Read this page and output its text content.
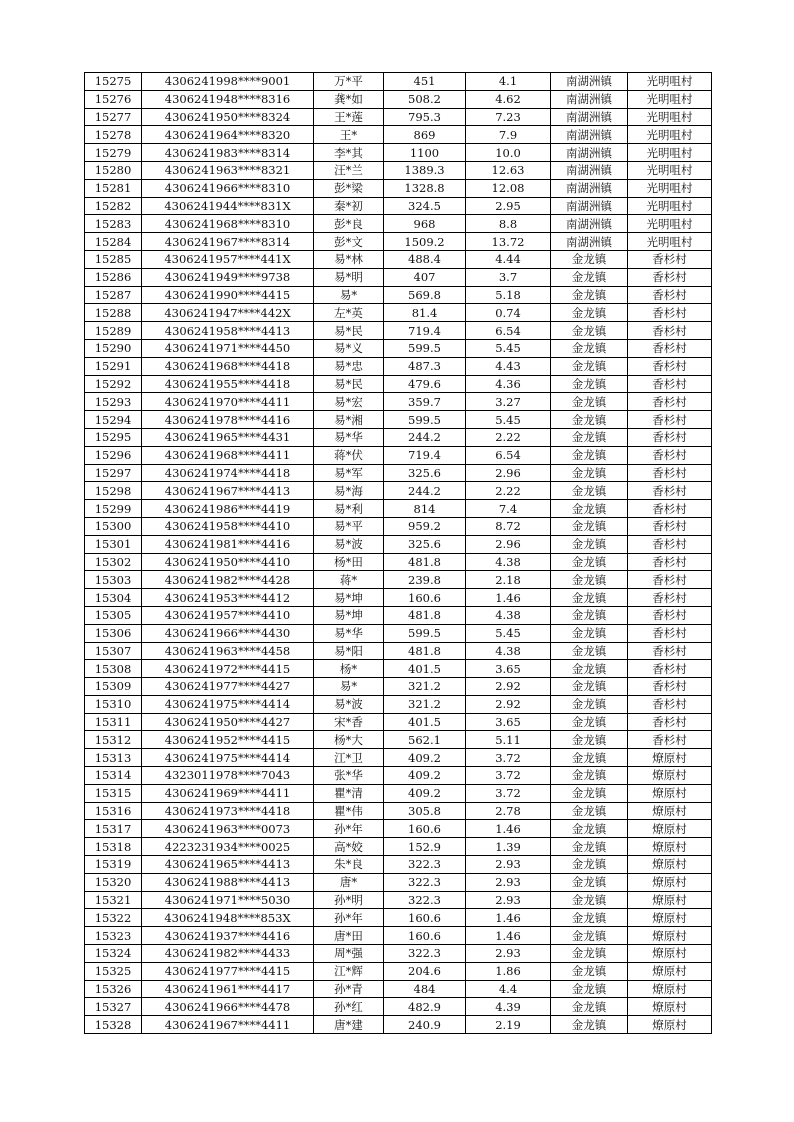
15275	4306241998****9001	万*平	451	4.1	南湖洲镇	光明咀村
15276	4306241948****8316	龚*如	508.2	4.62	南湖洲镇	光明咀村
15277	4306241950****8324	王*莲	795.3	7.23	南湖洲镇	光明咀村
15278	4306241964****8320	王*	869	7.9	南湖洲镇	光明咀村
15279	4306241983****8314	李*其	1100	10.0	南湖洲镇	光明咀村
15280	4306241963****8321	汪*兰	1389.3	12.63	南湖洲镇	光明咀村
15281	4306241966****8310	彭*梁	1328.8	12.08	南湖洲镇	光明咀村
15282	4306241944****831X	秦*初	324.5	2.95	南湖洲镇	光明咀村
15283	4306241968****8310	彭*良	968	8.8	南湖洲镇	光明咀村
15284	4306241967****8314	彭*文	1509.2	13.72	南湖洲镇	光明咀村
15285	4306241957****441X	易*林	488.4	4.44	金龙镇	香杉村
15286	4306241949****9738	易*明	407	3.7	金龙镇	香杉村
15287	4306241990****4415	易*	569.8	5.18	金龙镇	香杉村
15288	4306241947****442X	左*英	81.4	0.74	金龙镇	香杉村
15289	4306241958****4413	易*民	719.4	6.54	金龙镇	香杉村
15290	4306241971****4450	易*义	599.5	5.45	金龙镇	香杉村
15291	4306241968****4418	易*忠	487.3	4.43	金龙镇	香杉村
15292	4306241955****4418	易*民	479.6	4.36	金龙镇	香杉村
15293	4306241970****4411	易*宏	359.7	3.27	金龙镇	香杉村
15294	4306241978****4416	易*湘	599.5	5.45	金龙镇	香杉村
15295	4306241965****4431	易*华	244.2	2.22	金龙镇	香杉村
15296	4306241968****4411	蒋*伏	719.4	6.54	金龙镇	香杉村
15297	4306241974****4418	易*军	325.6	2.96	金龙镇	香杉村
15298	4306241967****4413	易*海	244.2	2.22	金龙镇	香杉村
15299	4306241986****4419	易*利	814	7.4	金龙镇	香杉村
15300	4306241958****4410	易*平	959.2	8.72	金龙镇	香杉村
15301	4306241981****4416	易*波	325.6	2.96	金龙镇	香杉村
15302	4306241950****4410	杨*田	481.8	4.38	金龙镇	香杉村
15303	4306241982****4428	蒋*	239.8	2.18	金龙镇	香杉村
15304	4306241953****4412	易*坤	160.6	1.46	金龙镇	香杉村
15305	4306241957****4410	易*坤	481.8	4.38	金龙镇	香杉村
15306	4306241966****4430	易*华	599.5	5.45	金龙镇	香杉村
15307	4306241963****4458	易*阳	481.8	4.38	金龙镇	香杉村
15308	4306241972****4415	杨*	401.5	3.65	金龙镇	香杉村
15309	4306241977****4427	易*	321.2	2.92	金龙镇	香杉村
15310	4306241975****4414	易*波	321.2	2.92	金龙镇	香杉村
15311	4306241950****4427	宋*香	401.5	3.65	金龙镇	香杉村
15312	4306241952****4415	杨*大	562.1	5.11	金龙镇	香杉村
15313	4306241975****4414	江*卫	409.2	3.72	金龙镇	燎原村
15314	4323011978****7043	张*华	409.2	3.72	金龙镇	燎原村
15315	4306241969****4411	瞿*清	409.2	3.72	金龙镇	燎原村
15316	4306241973****4418	瞿*伟	305.8	2.78	金龙镇	燎原村
15317	4306241963****0073	孙*年	160.6	1.46	金龙镇	燎原村
15318	4223231934****0025	高*姣	152.9	1.39	金龙镇	燎原村
15319	4306241965****4413	朱*良	322.3	2.93	金龙镇	燎原村
15320	4306241988****4413	唐*	322.3	2.93	金龙镇	燎原村
15321	4306241971****5030	孙*明	322.3	2.93	金龙镇	燎原村
15322	4306241948****853X	孙*年	160.6	1.46	金龙镇	燎原村
15323	4306241937****4416	唐*田	160.6	1.46	金龙镇	燎原村
15324	4306241982****4433	周*强	322.3	2.93	金龙镇	燎原村
15325	4306241977****4415	江*辉	204.6	1.86	金龙镇	燎原村
15326	4306241961****4417	孙*青	484	4.4	金龙镇	燎原村
15327	4306241966****4478	孙*红	482.9	4.39	金龙镇	燎原村
15328	4306241967****4411	唐*建	240.9	2.19	金龙镇	燎原村
